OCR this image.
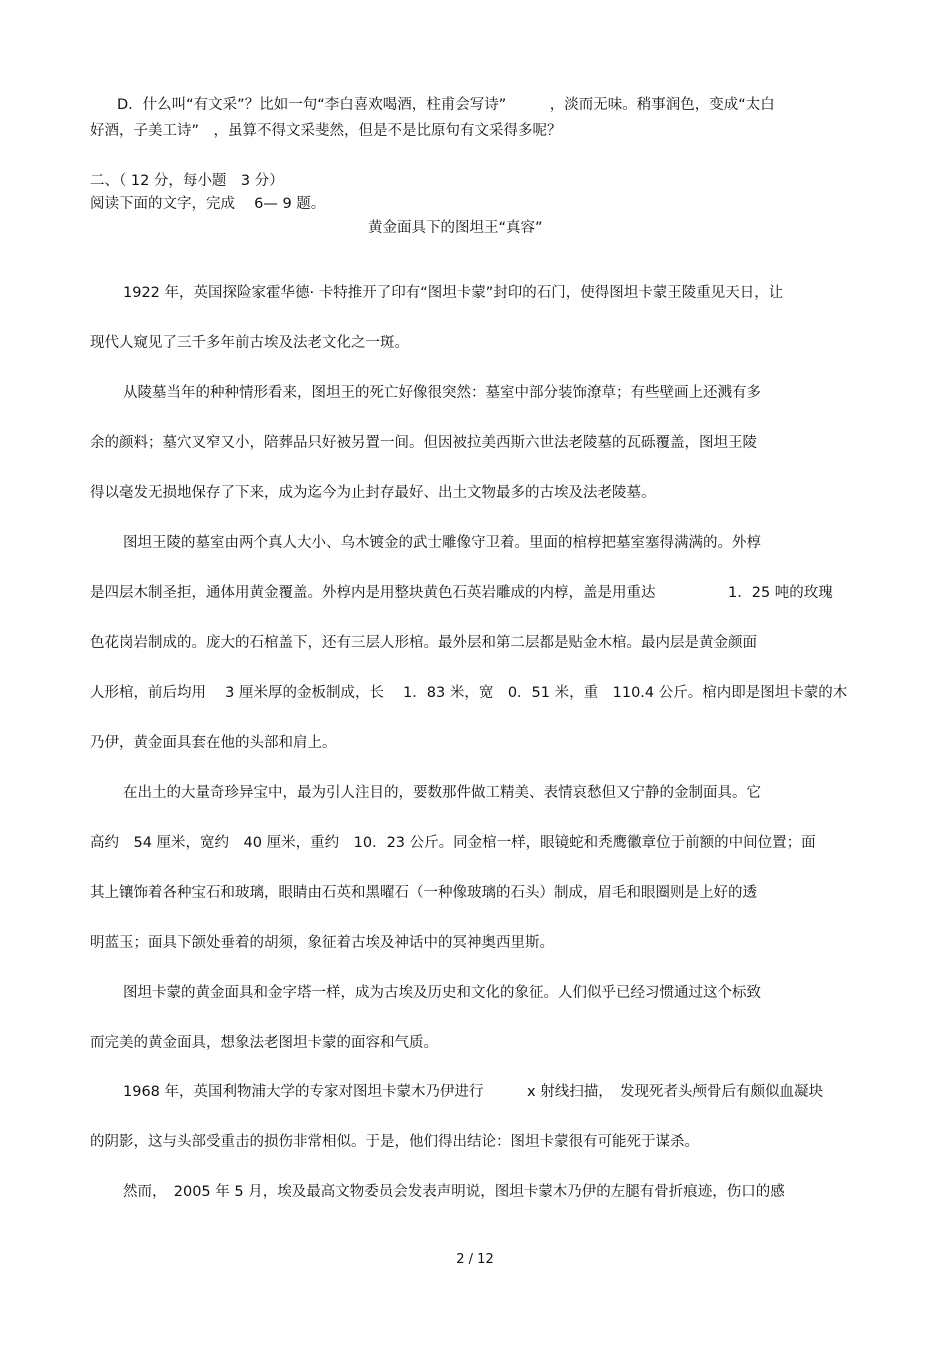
D．什么叫“有文采”？比如一句“李白喜欢喝酒，柱甫会写诗”　　　，淡而无味。稍事润色，变成“太白
好酒，子美工诗”　，虽算不得文采斐然，但是不是比原句有文采得多呢？
二、（ 12 分，每小题　3 分）
阅读下面的文字，完成　 6— 9 题。
黄金面具下的图坦王“真容”
1922 年，英国探险家霍华德· 卡特推开了印有“图坦卡蒙”封印的石门，使得图坦卡蒙王陵重见天日，让
现代人窥见了三千多年前古埃及法老文化之一斑。
从陵墓当年的种种情形看来，图坦王的死亡好像很突然：墓室中部分装饰潦草；有些壁画上还溅有多
余的颜料；墓穴叉窄又小，陪葬品只好被另置一间。但因被拉美西斯六世法老陵墓的瓦砾覆盖，图坦王陵
得以毫发无损地保存了下来，成为迄今为止封存最好、出土文物最多的古埃及法老陵墓。
图坦王陵的墓室由两个真人大小、乌木镀金的武士雕像守卫着。里面的棺椁把墓室塞得满满的。外椁
是四层木制圣拒，通体用黄金覆盖。外椁内是用整块黄色石英岩雕成的内椁，盖是用重达　　　　　1．25 吨的玫瑰
色花岗岩制成的。庞大的石棺盖下，还有三层人形棺。最外层和第二层都是贴金木棺。最内层是黄金颜面
人形棺，前后均用　 3 厘米厚的金板制成，长　 1．83 米，宽　0．51 米，重　110.4 公斤。棺内即是图坦卡蒙的木
乃伊，黄金面具套在他的头部和肩上。
在出土的大量奇珍异宝中，最为引人注目的，要数那件做工精美、表情哀愁但又宁静的金制面具。它
高约　54 厘米，宽约　40 厘米，重约　10．23 公斤。同金棺一样，眼镜蛇和秃鹰徽章位于前额的中间位置；面
其上镶饰着各种宝石和玻璃，眼睛由石英和黑曜石（一种像玻璃的石头）制成，眉毛和眼圈则是上好的透
明蓝玉；面具下颌处垂着的胡须，象征着古埃及神话中的冥神奥西里斯。
图坦卡蒙的黄金面具和金字塔一样，成为古埃及历史和文化的象征。人们似乎已经习惯通过这个标致
而完美的黄金面具，想象法老图坦卡蒙的面容和气质。
1968 年，英国利物浦大学的专家对图坦卡蒙木乃伊进行　　　x 射线扫描，　发现死者头颅骨后有颇似血凝块
的阴影，这与头部受重击的损伤非常相似。于是，他们得出结论：图坦卡蒙很有可能死于谋杀。
然而，　2005 年 5 月，埃及最高文物委员会发表声明说，图坦卡蒙木乃伊的左腿有骨折痕迹，伤口的感
2 / 12
